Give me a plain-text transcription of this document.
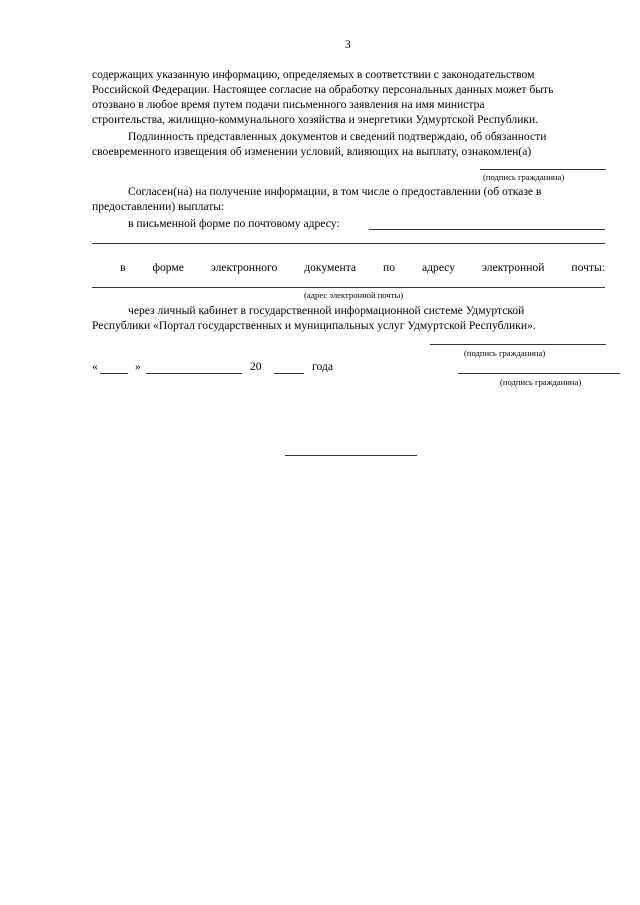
3
содержащих указанную информацию, определяемых в соответствии с законодательством
Российской Федерации. Настоящее согласие на обработку персональных данных может быть
отозвано в любое время путем подачи письменного заявления на имя министра
строительства, жилищно-коммунального хозяйства и энергетики Удмуртской Республики.
Подлинность представленных документов и сведений подтверждаю, об обязанности
своевременного извещения об изменении условий, влияющих на выплату, ознакомлен(а)
(подпись гражданина)
Согласен(на) на получение информации, в том числе о предоставлении (об отказе в
предоставлении) выплаты:
в письменной форме по почтовому адресу:
в форме электронного документа по адресу электронной почты:
(адрес электронной почты)
через личный кабинет в государственной информационной системе Удмуртской
Республики «Портал государственных и муниципальных услуг Удмуртской Республики».
(подпись гражданина)
«	»	20	года
(подпись гражданина)
